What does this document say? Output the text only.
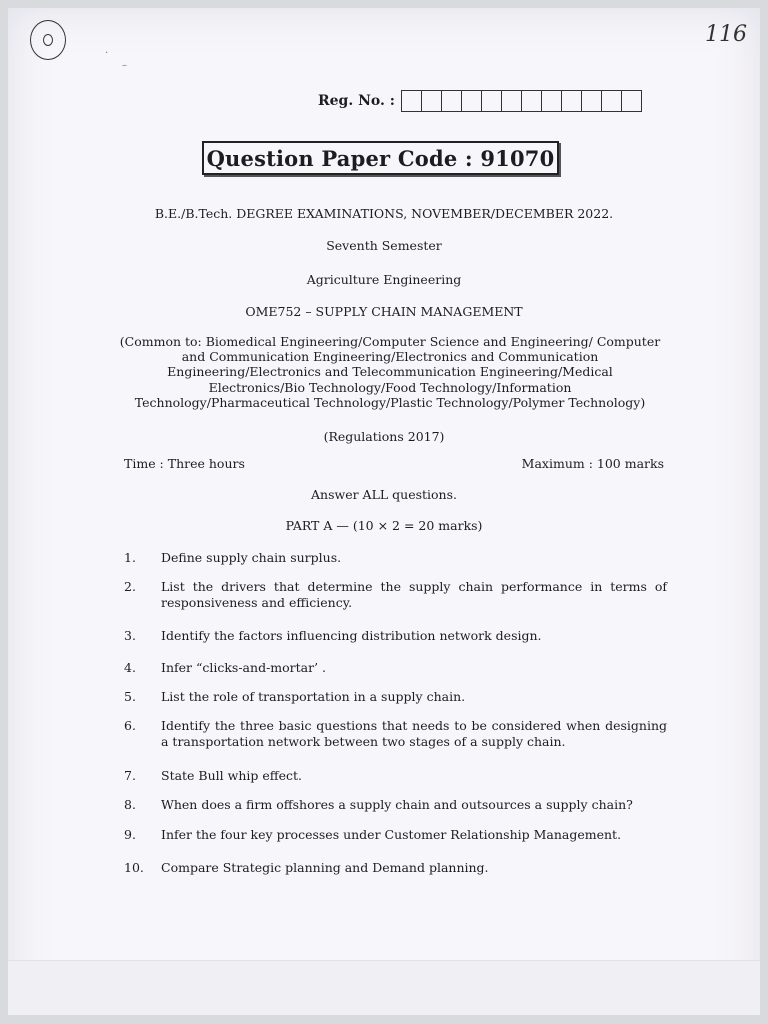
116
·
–
Reg. No. :
Question Paper Code : 91070
B.E./B.Tech. DEGREE EXAMINATIONS, NOVEMBER/DECEMBER 2022.
Seventh Semester
Agriculture Engineering
OME752 – SUPPLY CHAIN MANAGEMENT
(Common to: Biomedical Engineering/Computer Science and Engineering/ Computer
and Communication Engineering/Electronics and Communication
Engineering/Electronics and Telecommunication Engineering/Medical
Electronics/Bio Technology/Food Technology/Information
Technology/Pharmaceutical Technology/Plastic Technology/Polymer Technology)
(Regulations 2017)
Time : Three hours	Maximum : 100 marks
Answer ALL questions.
PART A — (10 × 2 = 20 marks)
1.	Define supply chain surplus.
2.	List the drivers that determine the supply chain performance in terms of responsiveness and efficiency.
3.	Identify the factors influencing distribution network design.
4.	Infer “clicks-and-mortar’ .
5.	List the role of transportation in a supply chain.
6.	Identify the three basic questions that needs to be considered when designing a transportation network between two stages of a supply chain.
7.	State Bull whip effect.
8.	When does a firm offshores a supply chain and outsources a supply chain?
9.	Infer the four key processes under Customer Relationship Management.
10.	Compare Strategic planning and Demand planning.
